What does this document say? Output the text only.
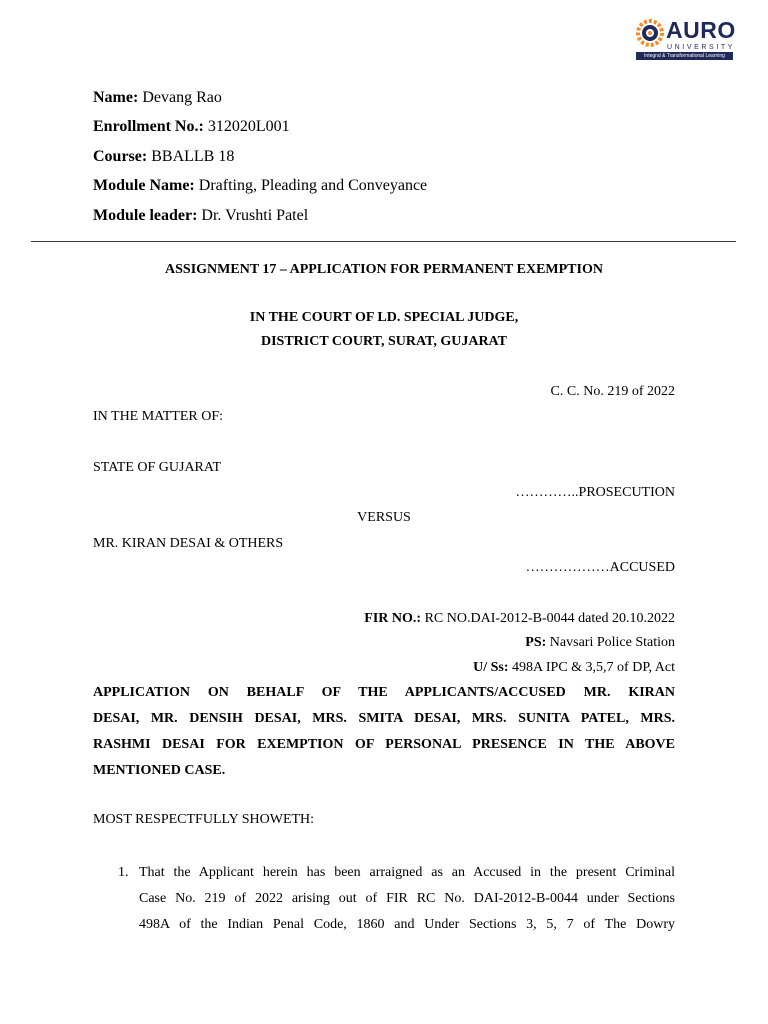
AURO
UNIVERSITY
Integral & Transformational Learning
Name: Devang Rao
Enrollment No.: 312020L001
Course: BBALLB 18
Module Name: Drafting, Pleading and Conveyance
Module leader: Dr. Vrushti Patel
ASSIGNMENT 17 – APPLICATION FOR PERMANENT EXEMPTION
IN THE COURT OF LD. SPECIAL JUDGE,
DISTRICT COURT, SURAT, GUJARAT
C. C. No. 219 of 2022
IN THE MATTER OF:
STATE OF GUJARAT
…………..PROSECUTION
VERSUS
MR. KIRAN DESAI & OTHERS
………………ACCUSED
FIR NO.: RC NO.DAI-2012-B-0044 dated 20.10.2022
PS: Navsari Police Station
U/ Ss: 498A IPC & 3,5,7 of DP, Act
APPLICATION ON BEHALF OF THE APPLICANTS/ACCUSED MR. KIRAN
DESAI, MR. DENSIH DESAI, MRS. SMITA DESAI, MRS. SUNITA PATEL, MRS.
RASHMI DESAI FOR EXEMPTION OF PERSONAL PRESENCE IN THE ABOVE
MENTIONED CASE.
MOST RESPECTFULLY SHOWETH:
1. That the Applicant herein has been arraigned as an Accused in the present Criminal
Case No. 219 of 2022 arising out of FIR RC No. DAI-2012-B-0044 under Sections
498A of the Indian Penal Code, 1860 and Under Sections 3, 5, 7 of The Dowry
